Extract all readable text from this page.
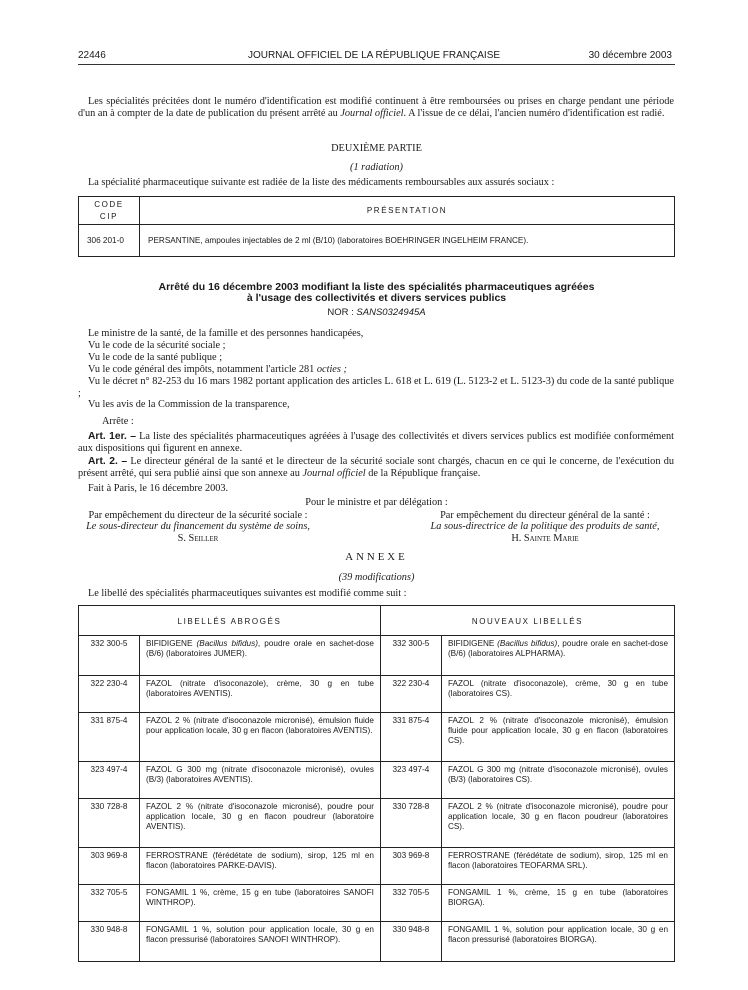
22446	JOURNAL OFFICIEL DE LA RÉPUBLIQUE FRANÇAISE	30 décembre 2003
Les spécialités précitées dont le numéro d'identification est modifié continuent à être remboursées ou prises en charge pendant une période d'un an à compter de la date de publication du présent arrêté au Journal officiel. A l'issue de ce délai, l'ancien numéro d'identification est radié.
DEUXIÈME PARTIE
(1 radiation)
La spécialité pharmaceutique suivante est radiée de la liste des médicaments remboursables aux assurés sociaux :
CODE CIP	PRÉSENTATION
306 201-0	PERSANTINE, ampoules injectables de 2 ml (B/10) (laboratoires BOEHRINGER INGELHEIM FRANCE).
Arrêté du 16 décembre 2003 modifiant la liste des spécialités pharmaceutiques agréées
à l'usage des collectivités et divers services publics
NOR : SANS0324945A
Le ministre de la santé, de la famille et des personnes handicapées,
Vu le code de la sécurité sociale ;
Vu le code de la santé publique ;
Vu le code général des impôts, notamment l'article 281 octies ;
Vu le décret n° 82-253 du 16 mars 1982 portant application des articles L. 618 et L. 619 (L. 5123-2 et L. 5123-3) du code de la santé publique ;
Vu les avis de la Commission de la transparence,
Arrête :
Art. 1er. – La liste des spécialités pharmaceutiques agréées à l'usage des collectivités et divers services publics est modifiée conformément aux dispositions qui figurent en annexe.
Art. 2. – Le directeur général de la santé et le directeur de la sécurité sociale sont chargés, chacun en ce qui le concerne, de l'exécution du présent arrêté, qui sera publié ainsi que son annexe au Journal officiel de la République française.
Fait à Paris, le 16 décembre 2003.
Pour le ministre et par délégation :
Par empêchement du directeur de la sécurité sociale :
Le sous-directeur du financement du système de soins,
S. Seiller
Par empêchement du directeur général de la santé :
La sous-directrice de la politique des produits de santé,
H. Sainte Marie
ANNEXE
(39 modifications)
Le libellé des spécialités pharmaceutiques suivantes est modifié comme suit :
LIBELLÉS ABROGÉS		NOUVEAUX LIBELLÉS	
332 300-5	BIFIDIGENE (Bacillus bifidus), poudre orale en sachet-dose (B/6) (laboratoires JUMER).	332 300-5	BIFIDIGENE (Bacillus bifidus), poudre orale en sachet-dose (B/6) (laboratoires ALPHARMA).
322 230-4	FAZOL (nitrate d'isoconazole), crème, 30 g en tube (laboratoires AVENTIS).	322 230-4	FAZOL (nitrate d'isoconazole), crème, 30 g en tube (laboratoires CS).
331 875-4	FAZOL 2 % (nitrate d'isoconazole micronisé), émulsion fluide pour application locale, 30 g en flacon (laboratoires AVENTIS).	331 875-4	FAZOL 2 % (nitrate d'isoconazole micronisé), émulsion fluide pour application locale, 30 g en flacon (laboratoires CS).
323 497-4	FAZOL G 300 mg (nitrate d'isoconazole micronisé), ovules (B/3) (laboratoires AVENTIS).	323 497-4	FAZOL G 300 mg (nitrate d'isoconazole micronisé), ovules (B/3) (laboratoires CS).
330 728-8	FAZOL 2 % (nitrate d'isoconazole micronisé), poudre pour application locale, 30 g en flacon poudreur (laboratoire AVENTIS).	330 728-8	FAZOL 2 % (nitrate d'isoconazole micronisé), poudre pour application locale, 30 g en flacon poudreur (laboratoires CS).
303 969-8	FERROSTRANE (férédétate de sodium), sirop, 125 ml en flacon (laboratoires PARKE-DAVIS).	303 969-8	FERROSTRANE (férédétate de sodium), sirop, 125 ml en flacon (laboratoires TEOFARMA SRL).
332 705-5	FONGAMIL 1 %, crème, 15 g en tube (laboratoires SANOFI WINTHROP).	332 705-5	FONGAMIL 1 %, crème, 15 g en tube (laboratoires BIORGA).
330 948-8	FONGAMIL 1 %, solution pour application locale, 30 g en flacon pressurisé (laboratoires SANOFI WINTHROP).	330 948-8	FONGAMIL 1 %, solution pour application locale, 30 g en flacon pressurisé (laboratoires BIORGA).
